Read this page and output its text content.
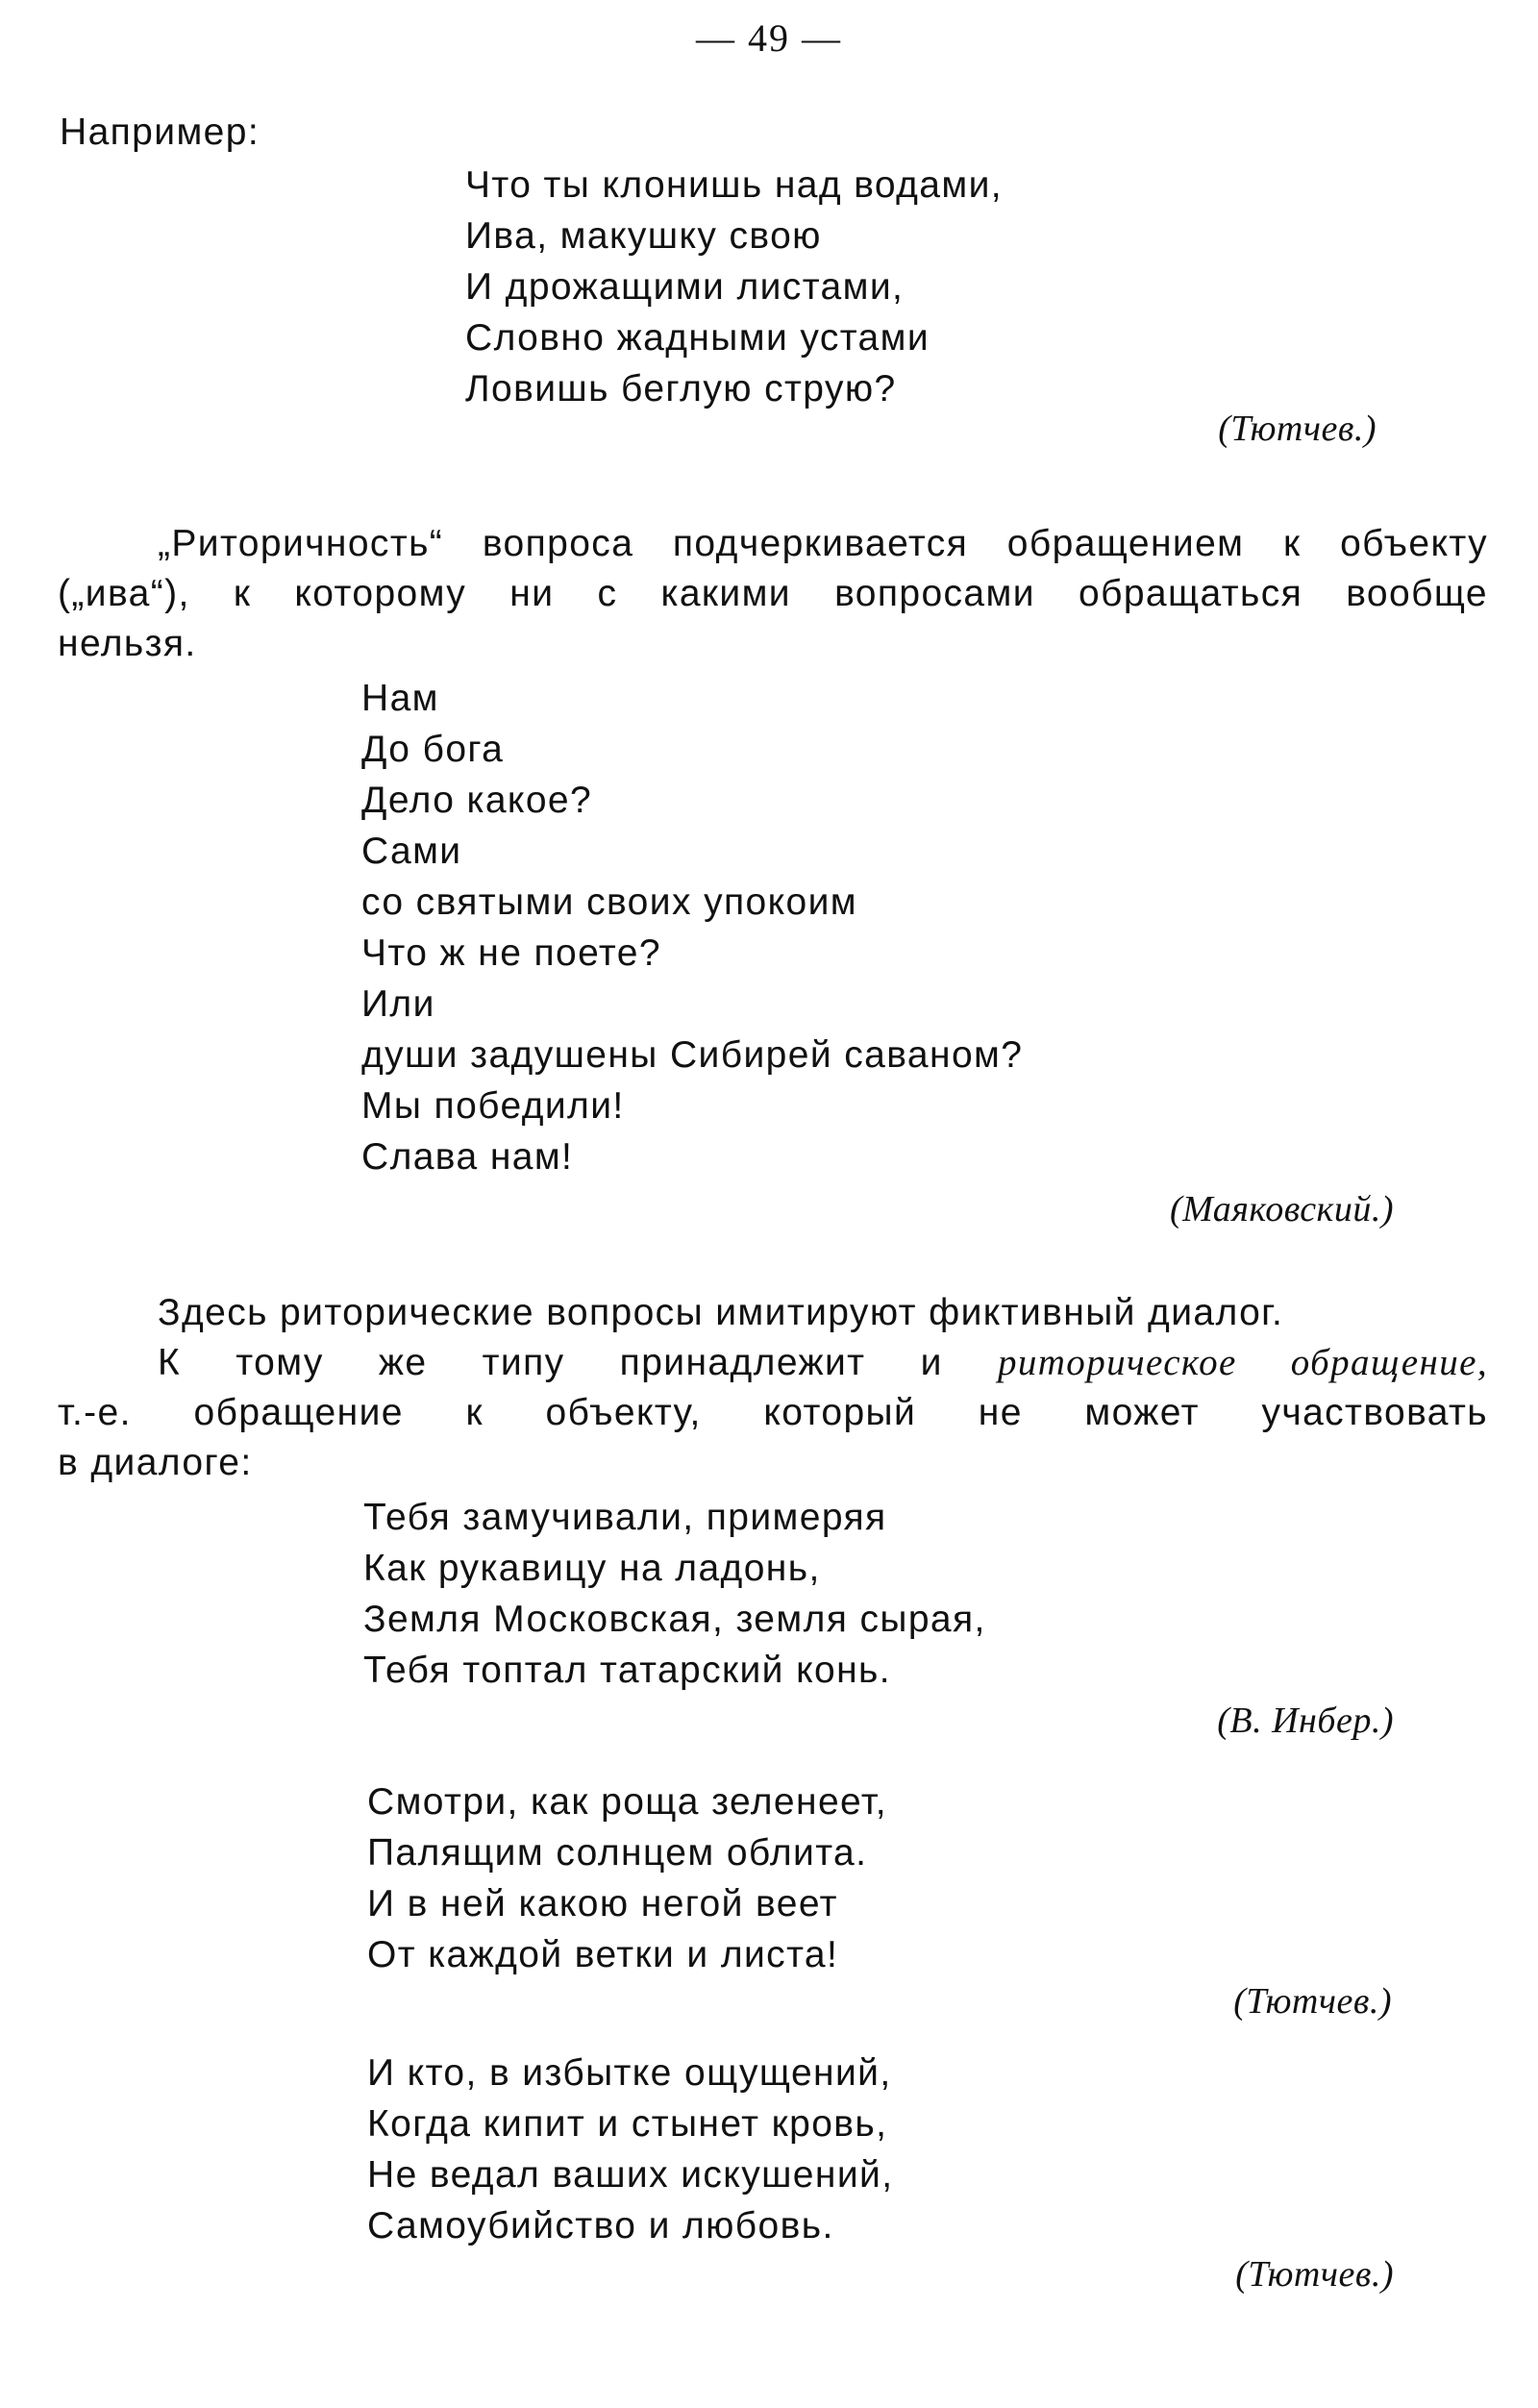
— 49 —
Например:
Что ты клонишь над водами,
Ива, макушку свою
И дрожащими листами,
Словно жадными устами
Ловишь беглую струю?
(Тютчев.)
„Риторичность“ вопроса подчеркивается обращением к объекту
(„ива“), к которому ни с какими вопросами обращаться вообще
нельзя.
Нам
До бога
Дело какое?
Сами
со святыми своих упокоим
Что ж не поете?
Или
души задушены Сибирей саваном?
Мы победили!
Слава нам!
(Маяковский.)
Здесь риторические вопросы имитируют фиктивный диалог.
К тому же типу принадлежит и риторическое обращение,
т.-е. обращение к объекту, который не может участвовать
в диалоге:
Тебя замучивали, примеряя
Как рукавицу на ладонь,
Земля Московская, земля сырая,
Тебя топтал татарский конь.
(В. Инбер.)
Смотри, как роща зеленеет,
Палящим солнцем облита.
И в ней какою негой веет
От каждой ветки и листа!
(Тютчев.)
И кто, в избытке ощущений,
Когда кипит и стынет кровь,
Не ведал ваших искушений,
Самоубийство и любовь.
(Тютчев.)
